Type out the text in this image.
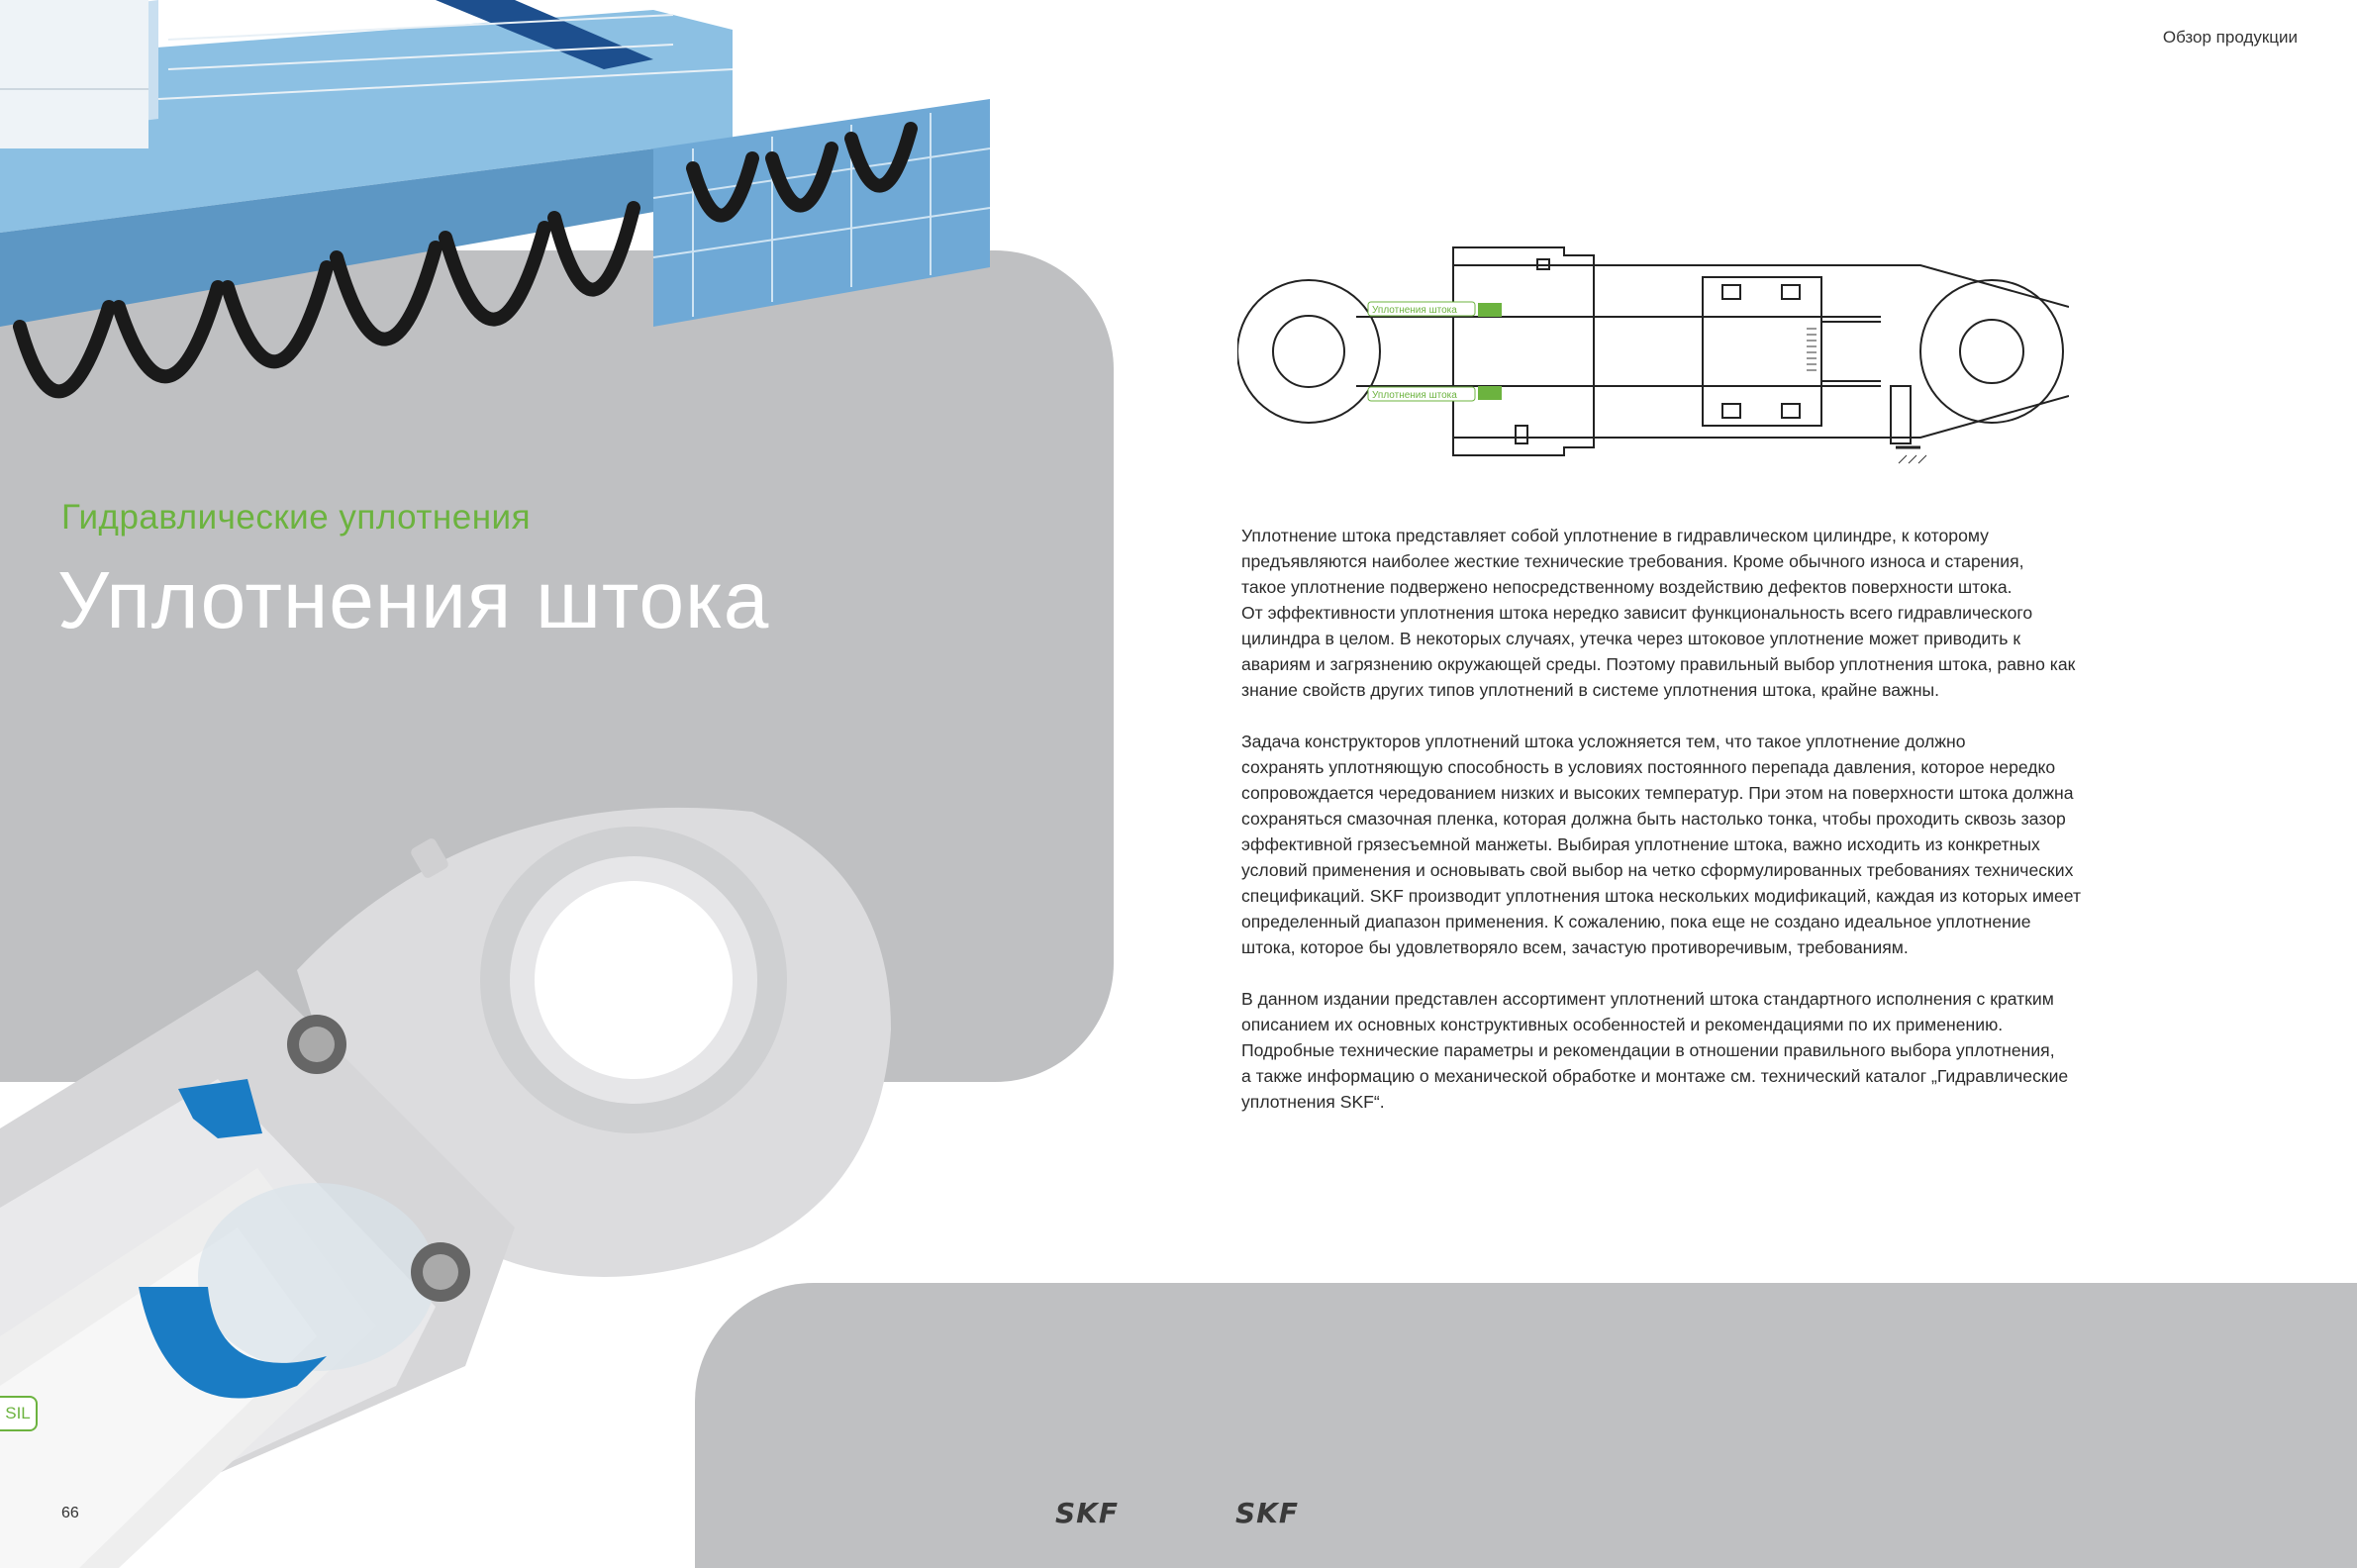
Гидравлические уплотнения
Уплотнения штока
SIL
66
Обзор продукции
SKF	SKF
Уплотнения штока
Уплотнения штока

Уплотнение штока представляет собой уплотнение в гидравлическом цилиндре, к которому
предъявляются наиболее жесткие технические требования. Кроме обычного износа и старения,
такое уплотнение подвержено непосредственному воздействию дефектов поверхности штока.
От эффективности уплотнения штока нередко зависит функциональность всего гидравлического
цилиндра в целом. В некоторых случаях, утечка через штоковое уплотнение может приводить к
авариям и загрязнению окружающей среды. Поэтому правильный выбор уплотнения штока, равно как
знание свойств других типов уплотнений в системе уплотнения штока, крайне важны.

Задача конструкторов уплотнений штока усложняется тем, что такое уплотнение должно
сохранять уплотняющую способность в условиях постоянного перепада давления, которое нередко
сопровождается чередованием низких и высоких температур. При этом на поверхности штока должна
сохраняться смазочная пленка, которая должна быть настолько тонка, чтобы проходить сквозь зазор
эффективной грязесъемной манжеты. Выбирая уплотнение штока, важно исходить из конкретных
условий применения и основывать свой выбор на четко сформулированных требованиях технических
спецификаций. SKF производит уплотнения штока нескольких модификаций, каждая из которых имеет
определенный диапазон применения. К сожалению, пока еще не создано идеальное уплотнение
штока, которое бы удовлетворяло всем, зачастую противоречивым, требованиям.

В данном издании представлен ассортимент уплотнений штока стандартного исполнения с кратким
описанием их основных конструктивных особенностей и рекомендациями по их применению.
Подробные технические параметры и рекомендации в отношении правильного выбора уплотнения,
а также информацию о механической обработке и монтаже см. технический каталог „Гидравлические
уплотнения SKF“.
